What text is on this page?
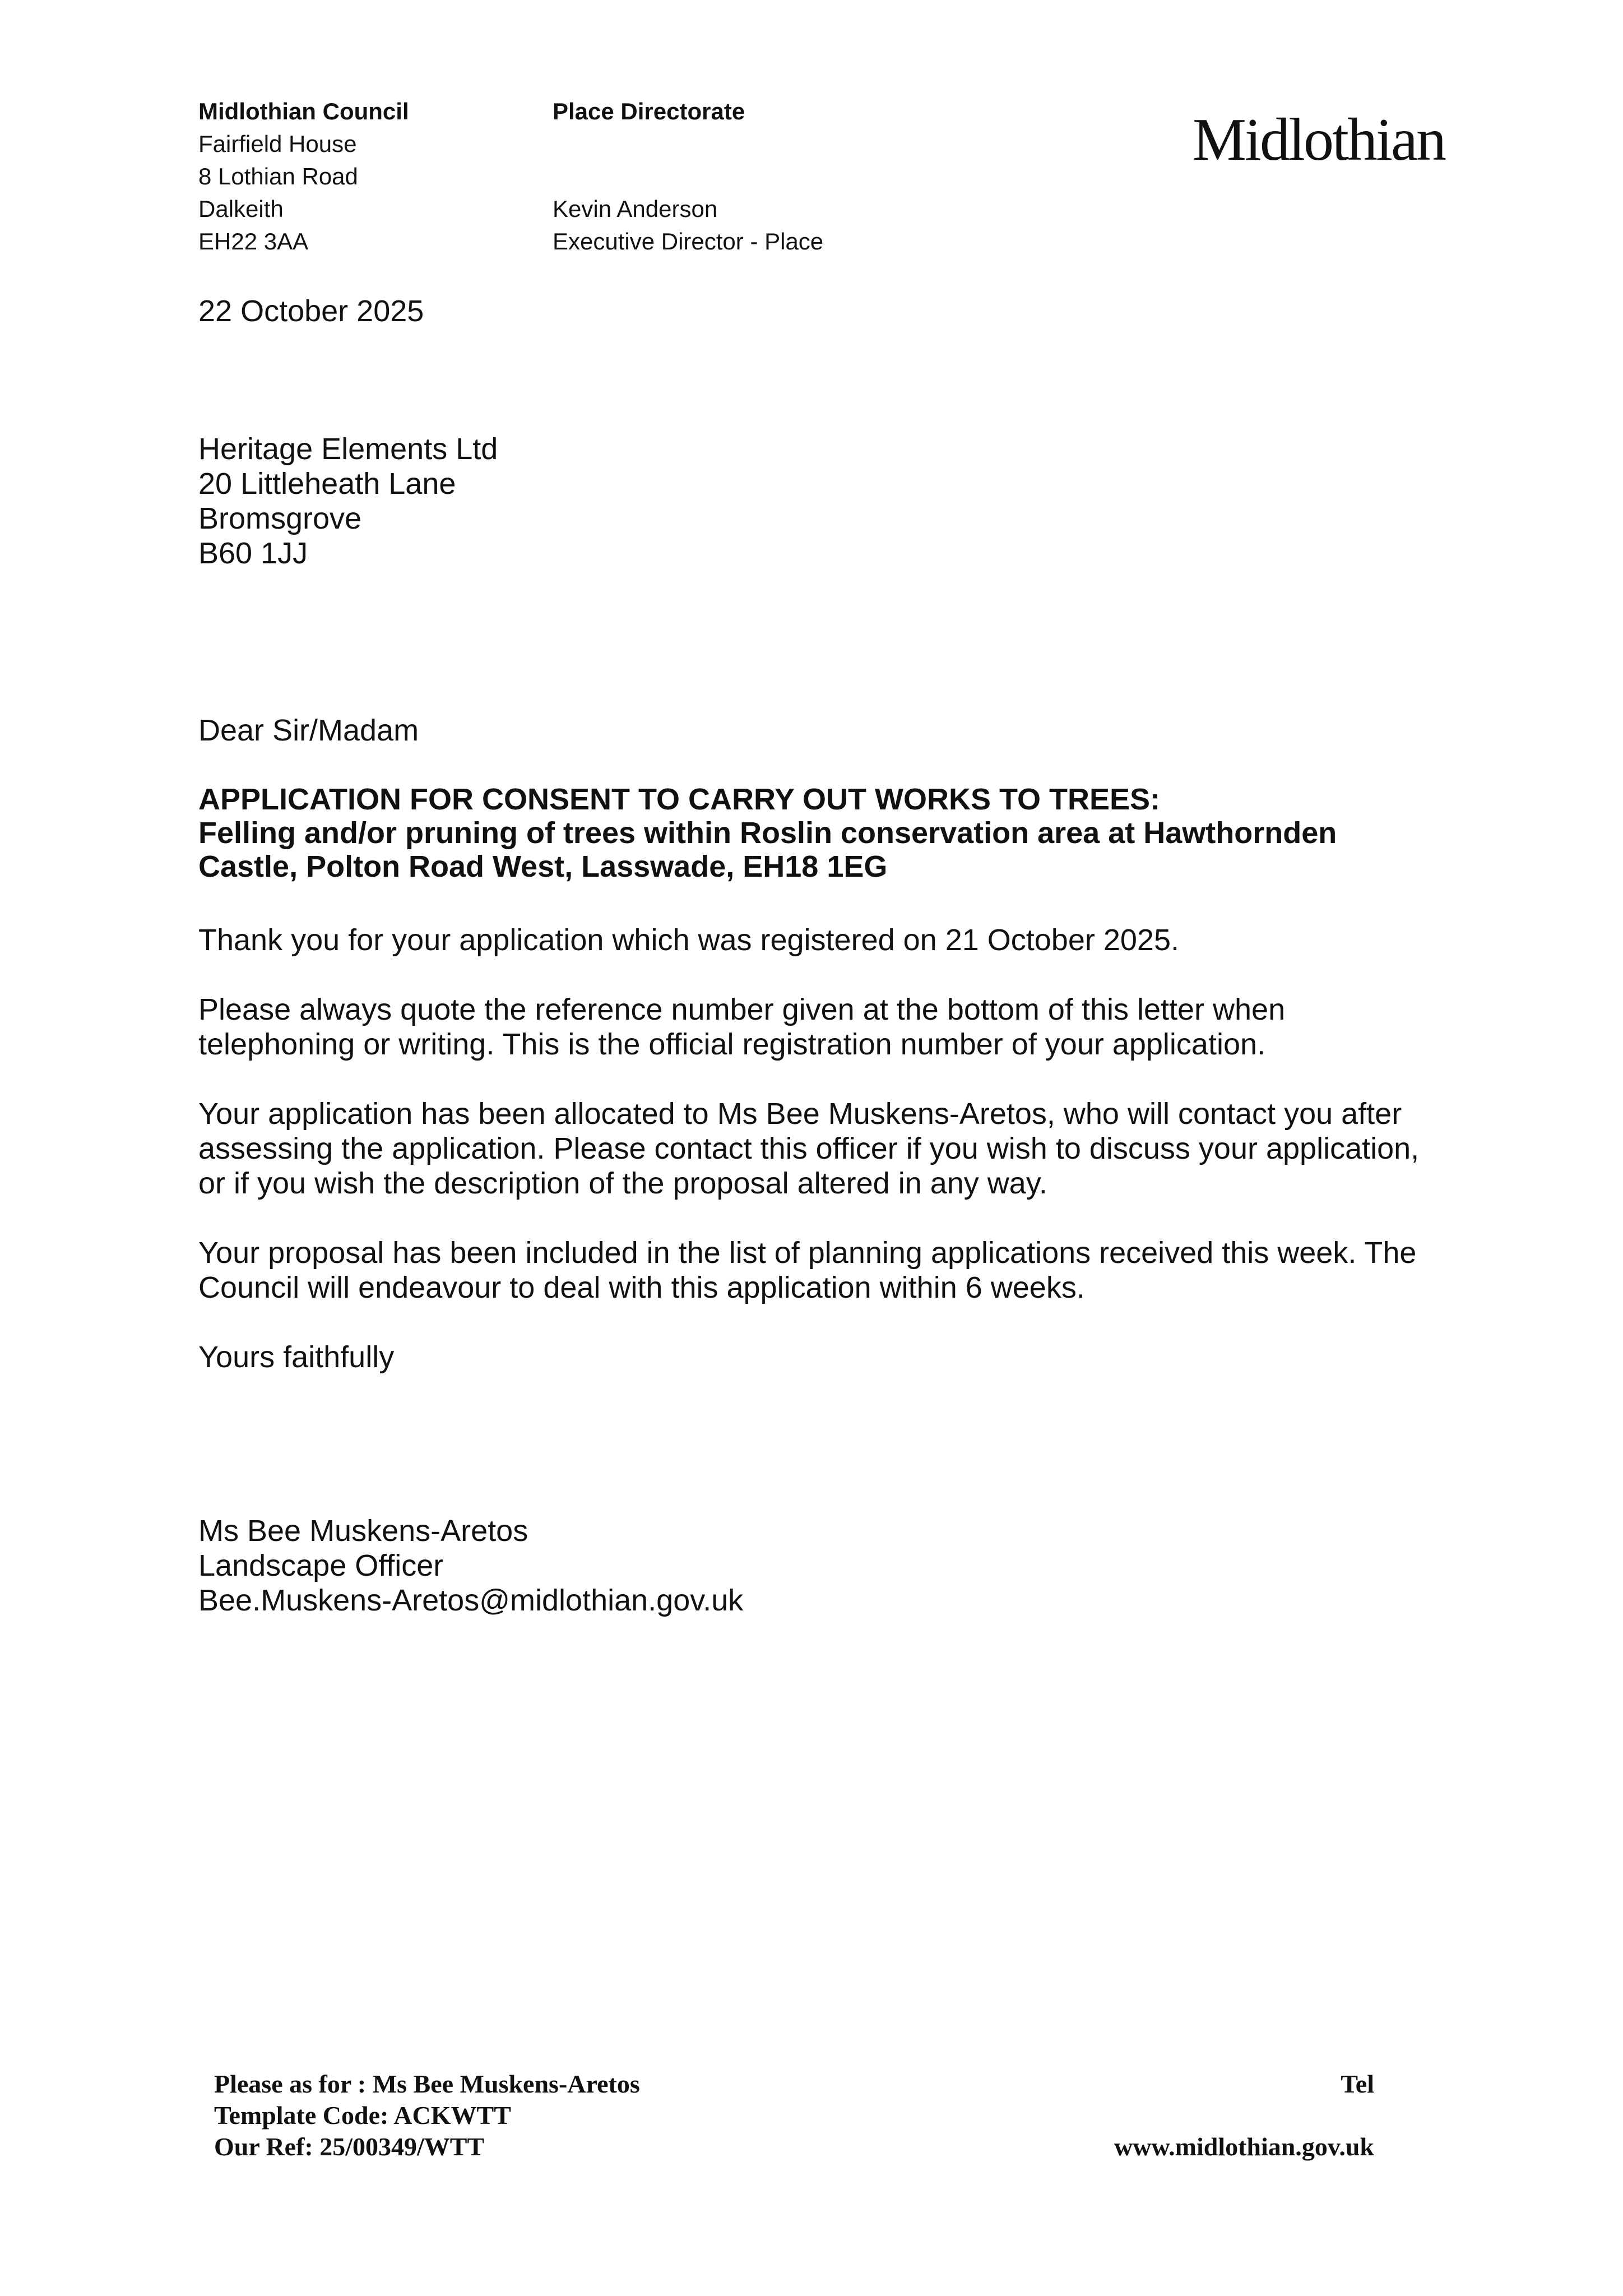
Midlothian Council
Fairfield House
8 Lothian Road
Dalkeith
EH22 3AA
Place Directorate
Kevin Anderson
Executive Director - Place
Midlothian
22 October 2025
Heritage Elements Ltd
20 Littleheath Lane
Bromsgrove
B60 1JJ
Dear Sir/Madam
APPLICATION FOR CONSENT TO CARRY OUT WORKS TO TREES:
Felling and/or pruning of trees within Roslin conservation area at Hawthornden
Castle, Polton Road West, Lasswade, EH18 1EG
Thank you for your application which was registered on 21 October 2025.
Please always quote the reference number given at the bottom of this letter when
telephoning or writing. This is the official registration number of your application.
Your application has been allocated to Ms Bee Muskens-Aretos, who will contact you after
assessing the application. Please contact this officer if you wish to discuss your application,
or if you wish the description of the proposal altered in any way.
Your proposal has been included in the list of planning applications received this week. The
Council will endeavour to deal with this application within 6 weeks.
Yours faithfully
Ms Bee Muskens-Aretos
Landscape Officer
Bee.Muskens-Aretos@midlothian.gov.uk
Please as for : Ms Bee Muskens-Aretos
Template Code: ACKWTT
Our Ref: 25/00349/WTT
Tel
www.midlothian.gov.uk
